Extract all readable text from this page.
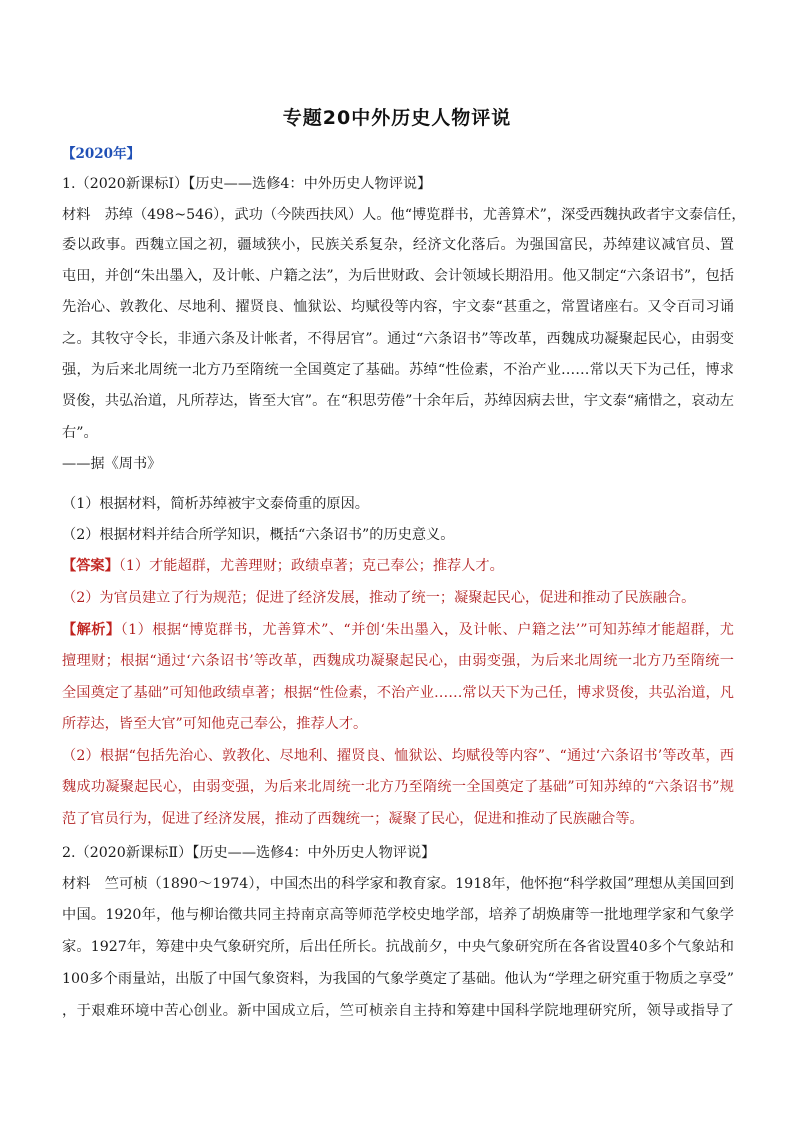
专题20中外历史人物评说
【2020年】
1.（2020新课标Ⅰ）【历史——选修4：中外历史人物评说】
材料　苏绰（498~546），武功（今陕西扶风）人。他“博览群书，尤善算术”，深受西魏执政者宇文泰信任，
委以政事。西魏立国之初，疆域狭小，民族关系复杂，经济文化落后。为强国富民，苏绰建议减官员、置
屯田，并创“朱出墨入，及计帐、户籍之法”，为后世财政、会计领域长期沿用。他又制定“六条诏书”，包括
先治心、敦教化、尽地利、擢贤良、恤狱讼、均赋役等内容，宇文泰“甚重之，常置诸座右。又令百司习诵
之。其牧守令长，非通六条及计帐者，不得居官”。通过“六条诏书”等改革，西魏成功凝聚起民心，由弱变
强，为后来北周统一北方乃至隋统一全国奠定了基础。苏绰“性俭素，不治产业……常以天下为己任，博求
贤俊，共弘治道，凡所荐达，皆至大官”。在“积思劳倦”十余年后，苏绰因病去世，宇文泰“痛惜之，哀动左
右”。
——据《周书》
（1）根据材料，简析苏绰被宇文泰倚重的原因。
（2）根据材料并结合所学知识，概括“六条诏书”的历史意义。
【答案】（1）才能超群，尤善理财；政绩卓著；克己奉公；推荐人才。
（2）为官员建立了行为规范；促进了经济发展，推动了统一；凝聚起民心，促进和推动了民族融合。
【解析】（1）根据“博览群书，尤善算术”、“并创‘朱出墨入，及计帐、户籍之法’”可知苏绰才能超群，尤
擅理财；根据“通过‘六条诏书’等改革，西魏成功凝聚起民心，由弱变强，为后来北周统一北方乃至隋统一
全国奠定了基础”可知他政绩卓著；根据“性俭素，不治产业……常以天下为己任，博求贤俊，共弘治道，凡
所荐达，皆至大官”可知他克己奉公，推荐人才。
（2）根据“包括先治心、敦教化、尽地利、擢贤良、恤狱讼、均赋役等内容”、“通过‘六条诏书’等改革，西
魏成功凝聚起民心，由弱变强，为后来北周统一北方乃至隋统一全国奠定了基础”可知苏绰的“六条诏书”规
范了官员行为，促进了经济发展，推动了西魏统一；凝聚了民心，促进和推动了民族融合等。
2.（2020新课标Ⅱ）【历史——选修4：中外历史人物评说】
材料　竺可桢（1890～1974），中国杰出的科学家和教育家。1918年，他怀抱“科学救国”理想从美国回到
中国。1920年，他与柳诒徵共同主持南京高等师范学校史地学部，培养了胡焕庸等一批地理学家和气象学
家。1927年，筹建中央气象研究所，后出任所长。抗战前夕，中央气象研究所在各省设置40多个气象站和
100多个雨量站，出版了中国气象资料，为我国的气象学奠定了基础。他认为“学理之研究重于物质之享受”
，于艰难环境中苦心创业。新中国成立后，竺可桢亲自主持和筹建中国科学院地理研究所，领导或指导了
